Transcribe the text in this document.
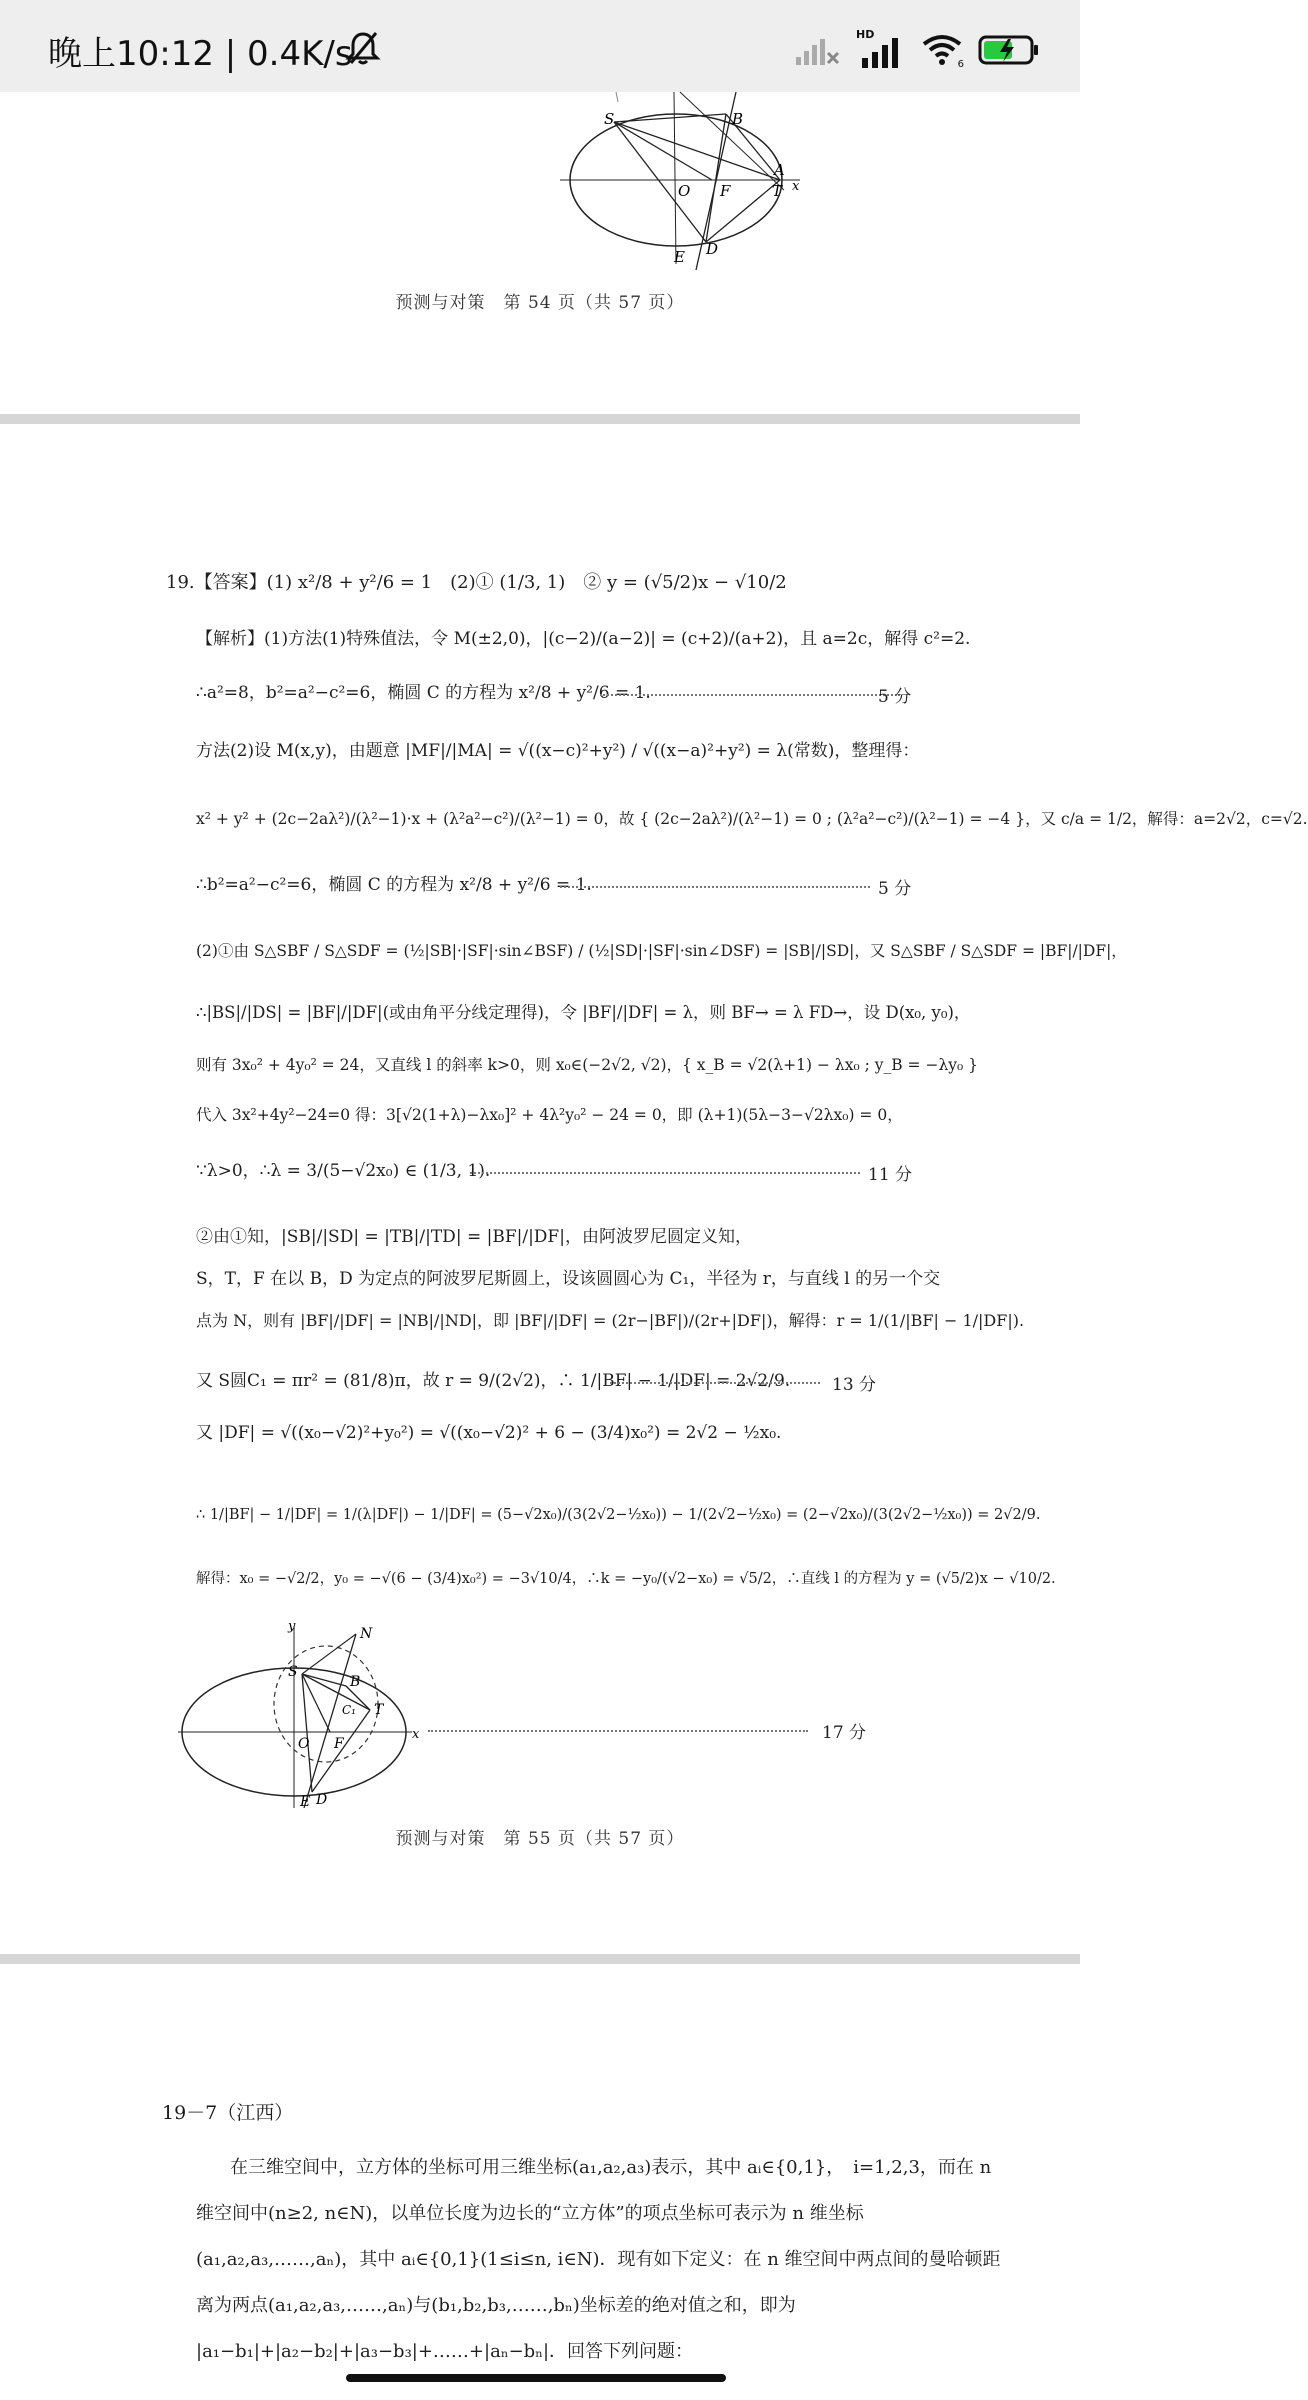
晚上10:12 | 0.4K/s	HD
6
S	B
A
T x
O F
D
E
预测与对策　第 54 页（共 57 页）
19.【答案】(1) x²/8 + y²/6 = 1　(2)① (1/3, 1)　② y = (√5/2)x − √10/2
【解析】(1)方法(1)特殊值法，令 M(±2,0)，|(c−2)/(a−2)| = (c+2)/(a+2)，且 a=2c，解得 c²=2.
∴a²=8，b²=a²−c²=6，椭圆 C 的方程为 x²/8 + y²/6 = 1.	5 分
方法(2)设 M(x,y)，由题意 |MF|/|MA| = √((x−c)²+y²) / √((x−a)²+y²) = λ(常数)，整理得：
x² + y² + (2c−2aλ²)/(λ²−1)·x + (λ²a²−c²)/(λ²−1) = 0，故 { (2c−2aλ²)/(λ²−1) = 0 ; (λ²a²−c²)/(λ²−1) = −4 }，又 c/a = 1/2，解得：a=2√2，c=√2.
∴b²=a²−c²=6，椭圆 C 的方程为 x²/8 + y²/6 = 1.	5 分
(2)①由 S△SBF / S△SDF = (½|SB|·|SF|·sin∠BSF) / (½|SD|·|SF|·sin∠DSF) = |SB|/|SD|，又 S△SBF / S△SDF = |BF|/|DF|，
∴|BS|/|DS| = |BF|/|DF|(或由角平分线定理得)，令 |BF|/|DF| = λ，则 BF→ = λ FD→，设 D(x₀, y₀)，
则有 3x₀² + 4y₀² = 24，又直线 l 的斜率 k>0，则 x₀∈(−2√2, √2)，{ x_B = √2(λ+1) − λx₀ ; y_B = −λy₀ }
代入 3x²+4y²−24=0 得：3[√2(1+λ)−λx₀]² + 4λ²y₀² − 24 = 0，即 (λ+1)(5λ−3−√2λx₀) = 0，
∵λ>0，∴λ = 3/(5−√2x₀) ∈ (1/3, 1).	11 分
②由①知，|SB|/|SD| = |TB|/|TD| = |BF|/|DF|，由阿波罗尼圆定义知，
S，T，F 在以 B，D 为定点的阿波罗尼斯圆上，设该圆圆心为 C₁，半径为 r，与直线 l 的另一个交
点为 N，则有 |BF|/|DF| = |NB|/|ND|，即 |BF|/|DF| = (2r−|BF|)/(2r+|DF|)，解得：r = 1/(1/|BF| − 1/|DF|).
又 S圆C₁ = πr² = (81/8)π，故 r = 9/(2√2)，∴ 1/|BF| − 1/|DF| = 2√2/9. 13 分
又 |DF| = √((x₀−√2)²+y₀²) = √((x₀−√2)² + 6 − (3/4)x₀²) = 2√2 − ½x₀.
∴ 1/|BF| − 1/|DF| = 1/(λ|DF|) − 1/|DF| = (5−√2x₀)/(3(2√2−½x₀)) − 1/(2√2−½x₀) = (2−√2x₀)/(3(2√2−½x₀)) = 2√2/9.
解得：x₀ = −√2/2，y₀ = −√(6 − (3/4)x₀²) = −3√10/4，∴k = −y₀/(√2−x₀) = √5/2，∴直线 l 的方程为 y = (√5/2)x − √10/2.
y	N
S
B
C₁ T
O F
x
E D
17 分
预测与对策　第 55 页（共 57 页）
19－7（江西）
在三维空间中，立方体的坐标可用三维坐标(a₁,a₂,a₃)表示，其中 aᵢ∈{0,1}，　i=1,2,3，而在 n
维空间中(n≥2, n∈N)，以单位长度为边长的“立方体”的项点坐标可表示为 n 维坐标
(a₁,a₂,a₃,……,aₙ)，其中 aᵢ∈{0,1}(1≤i≤n, i∈N)．现有如下定义：在 n 维空间中两点间的曼哈顿距
离为两点(a₁,a₂,a₃,……,aₙ)与(b₁,b₂,b₃,……,bₙ)坐标差的绝对值之和，即为
|a₁−b₁|+|a₂−b₂|+|a₃−b₃|+……+|aₙ−bₙ|．回答下列问题：
